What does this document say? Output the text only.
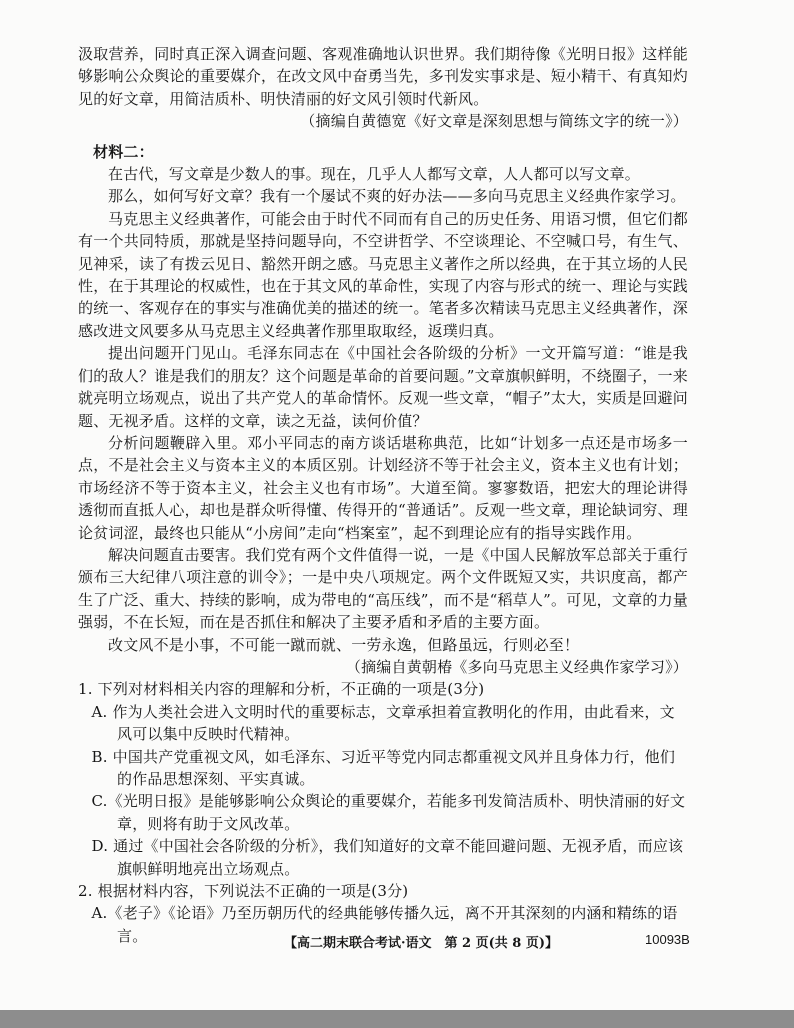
汲取营养，同时真正深入调查问题、客观准确地认识世界。我们期待像《光明日报》这样能够影响公众舆论的重要媒介，在改文风中奋勇当先，多刊发实事求是、短小精干、有真知灼见的好文章，用简洁质朴、明快清丽的好文风引领时代新风。

（摘编自黄德宽《好文章是深刻思想与简练文字的统一》）

材料二：

在古代，写文章是少数人的事。现在，几乎人人都写文章，人人都可以写文章。

那么，如何写好文章？我有一个屡试不爽的好办法——多向马克思主义经典作家学习。

马克思主义经典著作，可能会由于时代不同而有自己的历史任务、用语习惯，但它们都有一个共同特质，那就是坚持问题导向，不空讲哲学、不空谈理论、不空喊口号，有生气、见神采，读了有拨云见日、豁然开朗之感。马克思主义著作之所以经典，在于其立场的人民性，在于其理论的权威性，也在于其文风的革命性，实现了内容与形式的统一、理论与实践的统一、客观存在的事实与准确优美的描述的统一。笔者多次精读马克思主义经典著作，深感改进文风要多从马克思主义经典著作那里取取经，返璞归真。

提出问题开门见山。毛泽东同志在《中国社会各阶级的分析》一文开篇写道：“谁是我们的敌人？谁是我们的朋友？这个问题是革命的首要问题。”文章旗帜鲜明，不绕圈子，一来就亮明立场观点，说出了共产党人的革命情怀。反观一些文章，“帽子”太大，实质是回避问题、无视矛盾。这样的文章，读之无益，读何价值？

分析问题鞭辟入里。邓小平同志的南方谈话堪称典范，比如“计划多一点还是市场多一点，不是社会主义与资本主义的本质区别。计划经济不等于社会主义，资本主义也有计划；市场经济不等于资本主义，社会主义也有市场”。大道至简。寥寥数语，把宏大的理论讲得透彻而直抵人心，却也是群众听得懂、传得开的“普通话”。反观一些文章，理论缺词穷、理论贫词涩，最终也只能从“小房间”走向“档案室”，起不到理论应有的指导实践作用。

解决问题直击要害。我们党有两个文件值得一说，一是《中国人民解放军总部关于重行颁布三大纪律八项注意的训令》；一是中央八项规定。两个文件既短又实，共识度高，都产生了广泛、重大、持续的影响，成为带电的“高压线”，而不是“稻草人”。可见，文章的力量强弱，不在长短，而在是否抓住和解决了主要矛盾和矛盾的主要方面。

改文风不是小事，不可能一蹴而就、一劳永逸，但路虽远，行则必至！

（摘编自黄朝椿《多向马克思主义经典作家学习》）

1. 下列对材料相关内容的理解和分析，不正确的一项是(3分)

A. 作为人类社会进入文明时代的重要标志，文章承担着宣教明化的作用，由此看来，文风可以集中反映时代精神。

B. 中国共产党重视文风，如毛泽东、习近平等党内同志都重视文风并且身体力行，他们的作品思想深刻、平实真诚。

C.《光明日报》是能够影响公众舆论的重要媒介，若能多刊发简洁质朴、明快清丽的好文章，则将有助于文风改革。

D. 通过《中国社会各阶级的分析》，我们知道好的文章不能回避问题、无视矛盾，而应该旗帜鲜明地亮出立场观点。

2. 根据材料内容，下列说法不正确的一项是(3分)

A.《老子》《论语》乃至历朝历代的经典能够传播久远，离不开其深刻的内涵和精练的语言。	【高二期末联合考试·语文　第 2 页(共 8 页)】	10093B
